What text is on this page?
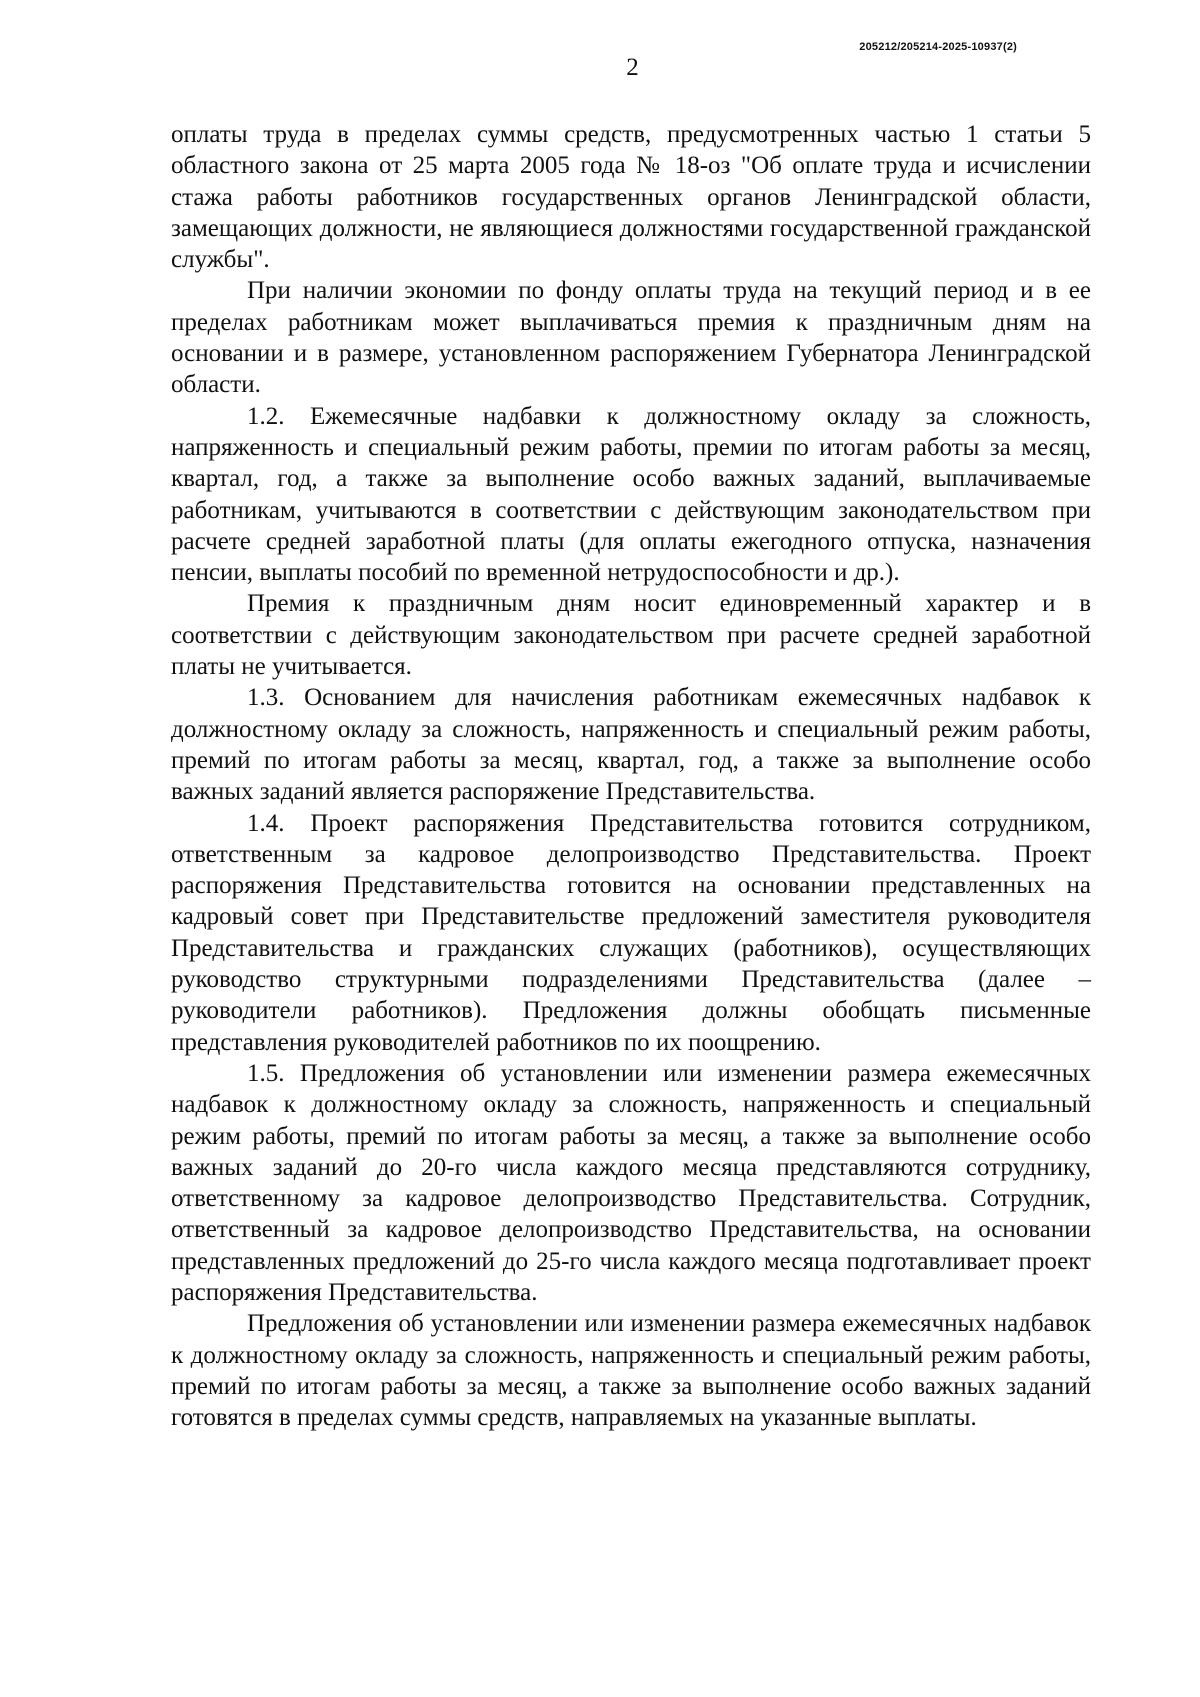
205212/205214-2025-10937(2)
2

оплаты труда в пределах суммы средств, предусмотренных частью 1 статьи 5 областного закона от 25 марта 2005 года № 18-оз "Об оплате труда и исчислении стажа работы работников государственных органов Ленинградской области, замещающих должности, не являющиеся должностями государственной гражданской службы".

При наличии экономии по фонду оплаты труда на текущий период и в ее пределах работникам может выплачиваться премия к праздничным дням на основании и в размере, установленном распоряжением Губернатора Ленинградской области.

1.2. Ежемесячные надбавки к должностному окладу за сложность, напряженность и специальный режим работы, премии по итогам работы за месяц, квартал, год, а также за выполнение особо важных заданий, выплачиваемые работникам, учитываются в соответствии с действующим законодательством при расчете средней заработной платы (для оплаты ежегодного отпуска, назначения пенсии, выплаты пособий по временной нетрудоспособности и др.).

Премия к праздничным дням носит единовременный характер и в соответствии с действующим законодательством при расчете средней заработной платы не учитывается.

1.3. Основанием для начисления работникам ежемесячных надбавок к должностному окладу за сложность, напряженность и специальный режим работы, премий по итогам работы за месяц, квартал, год, а также за выполнение особо важных заданий является распоряжение Представительства.

1.4. Проект распоряжения Представительства готовится сотрудником, ответственным за кадровое делопроизводство Представительства. Проект распоряжения Представительства готовится на основании представленных на кадровый совет при Представительстве предложений заместителя руководителя Представительства и гражданских служащих (работников), осуществляющих руководство структурными подразделениями Представительства (далее – руководители работников). Предложения должны обобщать письменные представления руководителей работников по их поощрению.

1.5. Предложения об установлении или изменении размера ежемесячных надбавок к должностному окладу за сложность, напряженность и специальный режим работы, премий по итогам работы за месяц, а также за выполнение особо важных заданий до 20-го числа каждого месяца представляются сотруднику, ответственному за кадровое делопроизводство Представительства. Сотрудник, ответственный за кадровое делопроизводство Представительства, на основании представленных предложений до 25-го числа каждого месяца подготавливает проект распоряжения Представительства.

Предложения об установлении или изменении размера ежемесячных надбавок к должностному окладу за сложность, напряженность и специальный режим работы, премий по итогам работы за месяц, а также за выполнение особо важных заданий готовятся в пределах суммы средств, направляемых на указанные выплаты.
